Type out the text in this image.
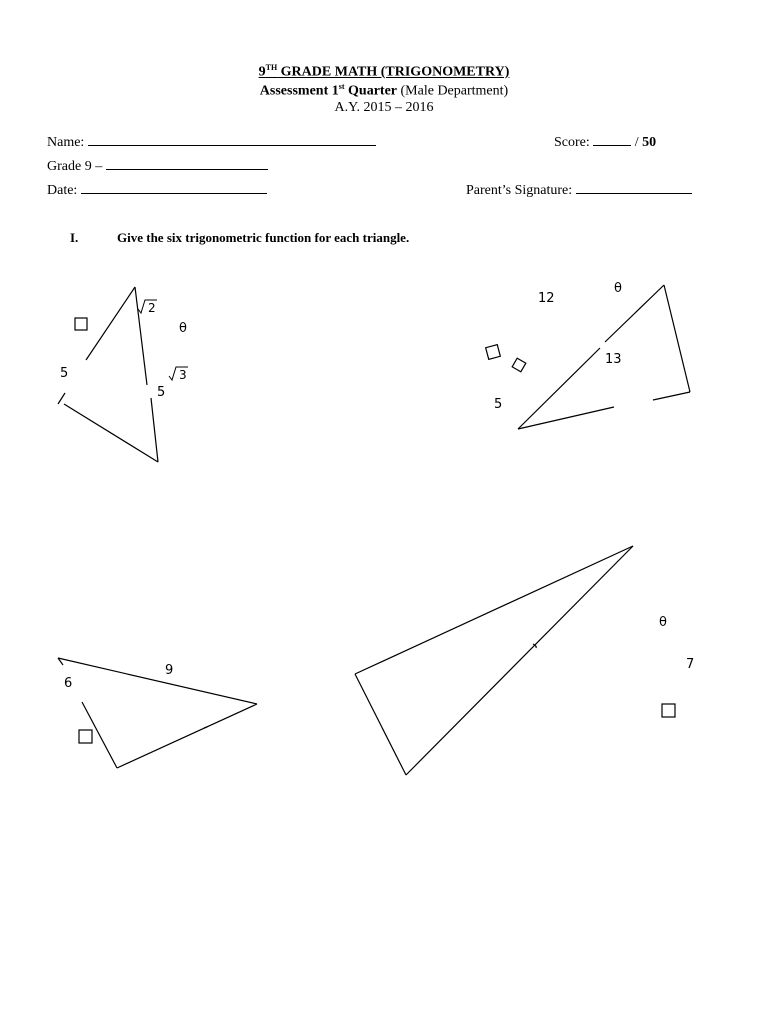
9TH GRADE MATH (TRIGONOMETRY)
Assessment 1st Quarter (Male Department)
A.Y. 2015 – 2016
Name:	Score:	/ 50
Grade 9 –
Date:	Parent’s Signature:
I.	Give the six trigonometric function for each triangle.
5
5
θ
2
3
12
θ
13
5
9
6
θ
7
